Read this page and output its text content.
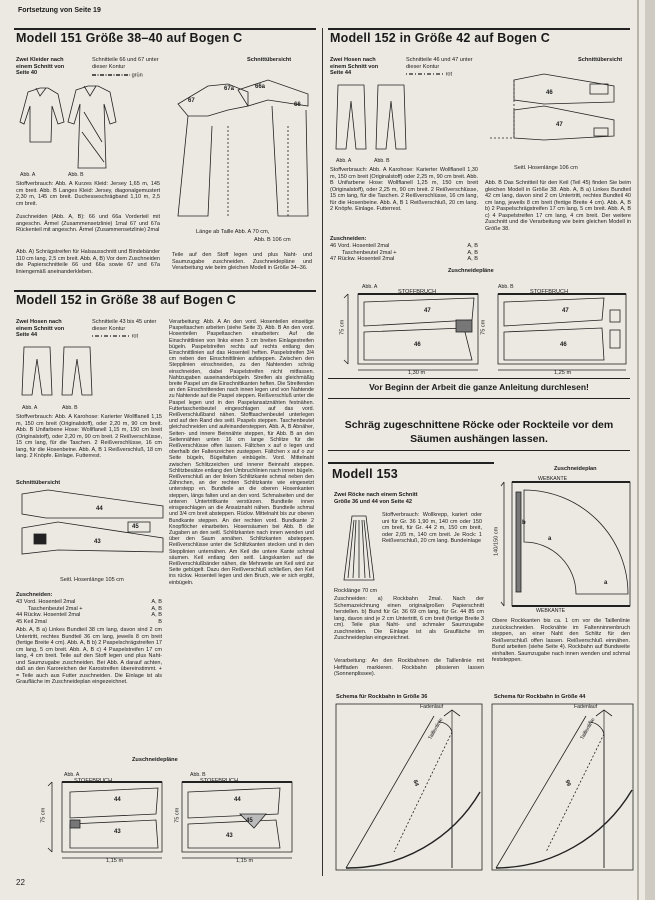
Fortsetzung von Seite 19
Modell 151 Größe 38–40 auf Bogen C
Zwei Kleider nach einem Schnitt von Seite 40
Schnitteile 66 und 67 unter dieser Kontur
grün
Schnittübersicht
Abb. A	Abb. B
67
67a	66a
66
Stoffverbrauch: Abb. A Kurzes Kleid: Jersey 1,65 m, 145 cm breit. Abb. B Langes Kleid: Jersey, diagonalgemustert 2,30 m, 145 cm breit. Duchesseschrägband 1,10 m, 2,5 cm breit.
Zuschneiden (Abb. A, B): 66 und 66a Vorderteil mit angeschn. Ärmel (Zusammensetzlinie) 1mal 67 und 67a Rückenteil mit angeschn. Ärmel (Zusammensetzlinie) 2mal
Abb. A) Schrägstreifen für Halsausschnitt und Bindebänder 110 cm lang, 2,5 cm breit. Abb. A, B) Vor dem Zuschneiden die Papierschnitteile 66 und 66a sowie 67 und 67a liniengemäß aneinanderkleben.
Länge ab Taille Abb. A 70 cm,
Abb. B 106 cm
Teile auf den Stoff legen und plus Naht- und Saumzugabe zuschneiden. Zuschneidepläne und Verarbeitung wie beim gleichen Modell in Größe 34–36.
Modell 152 in Größe 38 auf Bogen C
Zwei Hosen nach einem Schnitt von Seite 44
Schnitteile 43 bis 45 unter dieser Kontur
rot
Abb. A	Abb. B
Stoffverbrauch: Abb. A Karohose: Karierter Wollflanell 1,15 m, 150 cm breit (Originalstoff), oder 2,20 m, 90 cm breit. Abb. B Unifarbene Hose: Wollflanell 1,15 m, 150 cm breit (Originalstoff), oder 2,20 m, 90 cm breit. 2 Reißverschlüsse, 15 cm lang, für die Taschen. 2 Reißverschlüsse, 16 cm lang, für die Hosenbeine. Abb. A, B 1 Reißverschluß, 18 cm lang. 2 Knöpfe. Einlage. Futterrest.
Schnittübersicht
44
43
45
Seitl. Hosenlänge 105 cm
Zuschneiden:
43 Vord. Hosenteil 2mal	A, B
Taschenbeutel 2mal +	A, B
44 Rückw. Hosenteil 2mal	A, B
45 Keil 2mal	B
Abb. A, B a) Linkes Bundteil 38 cm lang, davon sind 2 cm Untertritt, rechtes Bundteil 36 cm lang, jeweils 8 cm breit (fertige Breite 4 cm). Abb. A, B b) 2 Paspelschrägstreifen 17 cm lang, 5 cm breit. Abb. A, B c) 4 Paspelstreifen 17 cm lang, 4 cm breit. Teile auf den Stoff legen und plus Naht- und Saumzugabe zuschneiden. Bei Abb. A darauf achten, daß an den Karoreichen der Karostreifen übereinstimmt. + = Teile auch aus Futter zuschneiden. Die Einlage ist als Graufläche im Zuschneideplan eingezeichnet.
Verarbeitung: Abb. A An den vord. Hosenteilen einseitige Paspeltaschen arbeiten (siehe Seite 3). Abb. B An den vord. Hosenteilen Paspeltaschen einarbeiten: Auf die Einschnittlinien von links einen 3 cm breiten Einlagestreifen bügeln. Paspelstreifen rechts auf rechts entlang den Einschnittlinien auf das Hosenteil heften. Paspelstreifen 3/4 cm neben den Einschnittlinien aufsteppen. Zwischen den Stepplinien einschneiden, zu den Nahtenden schräg einschneiden, dabei Paspelstreifen nicht mitfassen. Nahtzugaben auseinanderbügeln. Streifen als gleichmäßig breite Paspel um die Einschnittkanten heften. Die Streifenden an den Einschnittenden nach innen legen und von Nahtende zu Nahtende auf die Paspel steppen. Reißverschluß unter die Paspel legen und in den Paspelansatznähten festnähen. Futtertaschenbeutel eingeschlagen auf das vord. Reißverschlußband nähen. Stofftaschenbeutel unterlegen und auf den Rand des seitl. Paspels steppen. Taschenbeutel gleichschneiden und aufeinandersteppen. Abb. A, B Abnäher, Seiten- und innere Beinnähte steppen, für Abb. B an den Seitennähten unten 16 cm lange Schlitze für die Reißverschlüsse offen lassen. Fältchen x auf o legen und oberhalb der Faltenzeichen zusteppen. Fältchen x auf o zur Seite bügeln, Bügelfalten einbügeln. Vord. Mittelnaht zwischen Schlitzzeichen und innerer Beinnaht steppen. Schlitzbesätze entlang den Umbruchlinien nach innen bügeln. Reißverschluß an der linken Schlitzkante schmal neben den Zähnchen, an der rechten Schlitzkante wie eingesetzt unterstepp en. Bundteile an die oberen Hosenkanten steppen, längs falten und an den vord. Schmalseiten und der unteren Untertrittkante verstürzen. Bundteile innen einsgeschlagen an die Ansatznaht nähen. Bundteile schmal und 3/4 cm breit absteppen. Rückw. Mittelnaht bis zur oberen Bundkante steppen. An der rechten vord. Bundkante 2 Knopflöcher einarbeiten. Hosensäumen bei Abb. B die Zugaben an den seitl. Schlitzkanten nach innen wenden und über den Saum annähen. Schlitzkanten absteppen. Reißverschlüsse unter die Schlitzkanten stecken und in den Stepplinien unternähen. Am Keil die untere Kante schmal säumen. Keil entlang den seitl. Längskanten auf die Reißverschlußbänder nähen, die Mehrweite am Keil wird zur Seite gebügelt. Dazu den Reißverschluß schließen, den Keil ins rückw. Hosenteil legen und den Bruch, wie er sich ergibt, einbügeln.
Zuschneidepläne
Abb. A
STOFFBRUCH
44
43
75 cm
1,15 m
Abb. B
STOFFBRUCH
44
45
43
75 cm
1,15 m
22
Modell 152 in Größe 42 auf Bogen C
Zwei Hosen nach einem Schnitt von Seite 44
Schnitteile 46 und 47 unter dieser Kontur
rot
Schnittübersicht
Abb. A	Abb. B
46
47
Seitl. Hosenlänge 106 cm
Stoffverbrauch: Abb. A Karohose: Karierter Wollflanell 1,30 m, 150 cm breit (Originalstoff) oder 2,25 m, 90 cm breit. Abb. B Unifarbene Hose: Wollflanell 1,25 m, 150 cm breit (Originalstoff), oder 2,25 m, 90 cm breit. 2 Reißverschlüsse, 15 cm lang, für die Taschen. 2 Reißverschlüsse, 16 cm lang, für die Hosenbeine. Abb. A, B 1 Reißverschluß, 20 cm lang. 2 Knöpfe. Einlage. Futterrest.
Zuschneiden:
46 Vord. Hosenteil 2mal	A, B
Taschenbeutel 2mal +	A, B
47 Rückw. Hosenteil 2mal	A, B
Abb. B Das Schnitteil für den Keil (Teil 45) finden Sie beim gleichen Modell in Größe 38. Abb. A, B a) Linkes Bundteil 42 cm lang, davon sind 2 cm Untertritt, rechtes Bundteil 40 cm lang, jeweils 8 cm breit (fertige Breite 4 cm). Abb. A, B b) 2 Paspelschrägstreifen 17 cm lang, 5 cm breit. Abb. A, B c) 4 Paspelstreifen 17 cm lang, 4 cm breit. Der weitere Zuschnitt und die Verarbeitung wie beim gleichen Modell in Größe 38.
Zuschneidepläne
Abb. A
STOFFBRUCH
47
46
75 cm
1,30 m
Abb. B
STOFFBRUCH
47
46
75 cm
1,25 m
Vor Beginn der Arbeit die ganze Anleitung durchlesen!
Schräg zugeschnittene Röcke oder Rockteile vor dem Säumen aushängen lassen.
Modell 153	Zuschneideplan
Zwei Röcke nach einem Schnitt Größe 36 und 44 von Seite 42
Stoffverbrauch: Wollkrepp, kariert oder uni für Gr. 36 1,90 m, 140 cm oder 150 cm breit, für Gr. 44 2 m, 150 cm breit, oder 2,05 m, 140 cm breit. Je Rock: 1 Reißverschluß, 20 cm lang. Bundeinlage
Rocklänge 70 cm
Zuschneiden: a) Rockbahn 2mal. Nach der Schemazeichnung einen originalgroßen Papierschnitt herstellen. b) Bund für Gr. 36 69 cm lang, für Gr. 44 85 cm lang, davon sind je 2 cm Untertritt, 6 cm breit (fertige Breite 3 cm). Teile plus Naht- und schmaler Saumzugabe zuschneiden. Die Einlage ist als Graufläche im Zuschneideplan eingezeichnet.
Verarbeitung: An den Rockbahnen die Taillenlinie mit Heftfaden markieren. Rockbahn plissieren lassen (Sonnenplissee).
WEBKANTE
a
b
140/150 cm
a
WEBKANTE
Obere Rockkanten bis ca. 1 cm vor die Taillenlinie zurückschneiden. Rocknähte im Faltenninnenbruch steppen, an einer Naht den Schlitz für den Reißverschluß offen lassen. Reißverschluß einnähen. Bund arbeiten (siehe Seite 4). Rockbahn auf Bundweite einhalten. Saumzugabe nach innen wenden und schmal feststeppen.
Schema für Rockbahn in Größe 36
Fadenlauf
Taillenlinie
84
Schema für Rockbahn in Größe 44
Fadenlauf
Taillenlinie
99
